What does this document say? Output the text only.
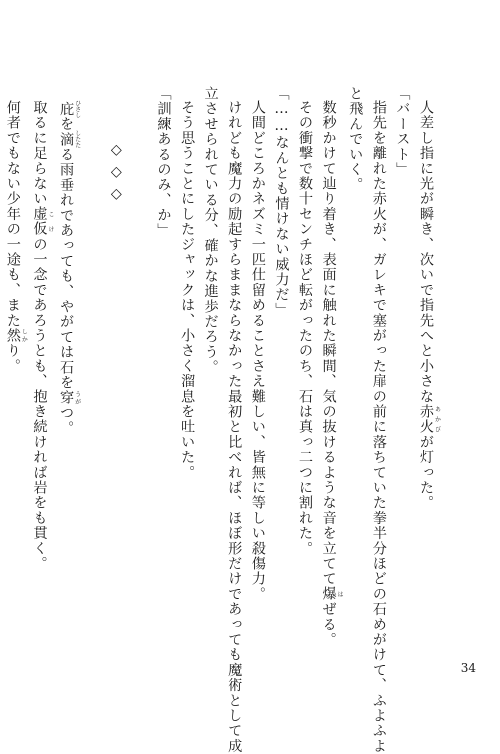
人差し指に光が瞬き、次いで指先へと小さな赤火 あかびが灯った。
「バースト」
指先を離れた赤火が、ガレキで塞がった扉の前に落ちていた拳半分ほどの石めがけて、ふよふよ
と飛んでいく。
数秒かけて辿り着き、表面に触れた瞬間、気の抜けるような音を立てて爆 はぜる。
その衝撃で数十センチほど転がったのち、石は真っ二つに割れた。
「……なんとも情けない威力だ」
人間どころかネズミ一匹仕留めることさえ難しい、皆無に等しい殺傷力。
けれども魔力の励起すらままならなかった最初と比べれば、ほぼ形だけであっても魔術として成
立させられている分、確かな進歩だろう。
そう思うことにしたジャックは、小さく溜息を吐いた。
「訓練あるのみ、か」
◇◇◇
庇 ひさしを滴 したたる雨垂れであっても、やがては石を穿 うがつ。
取るに足らない虚仮 こけの一念であろうとも、抱き続ければ岩をも貫く。
何者でもない少年の一途も、また然 しかり。
34
